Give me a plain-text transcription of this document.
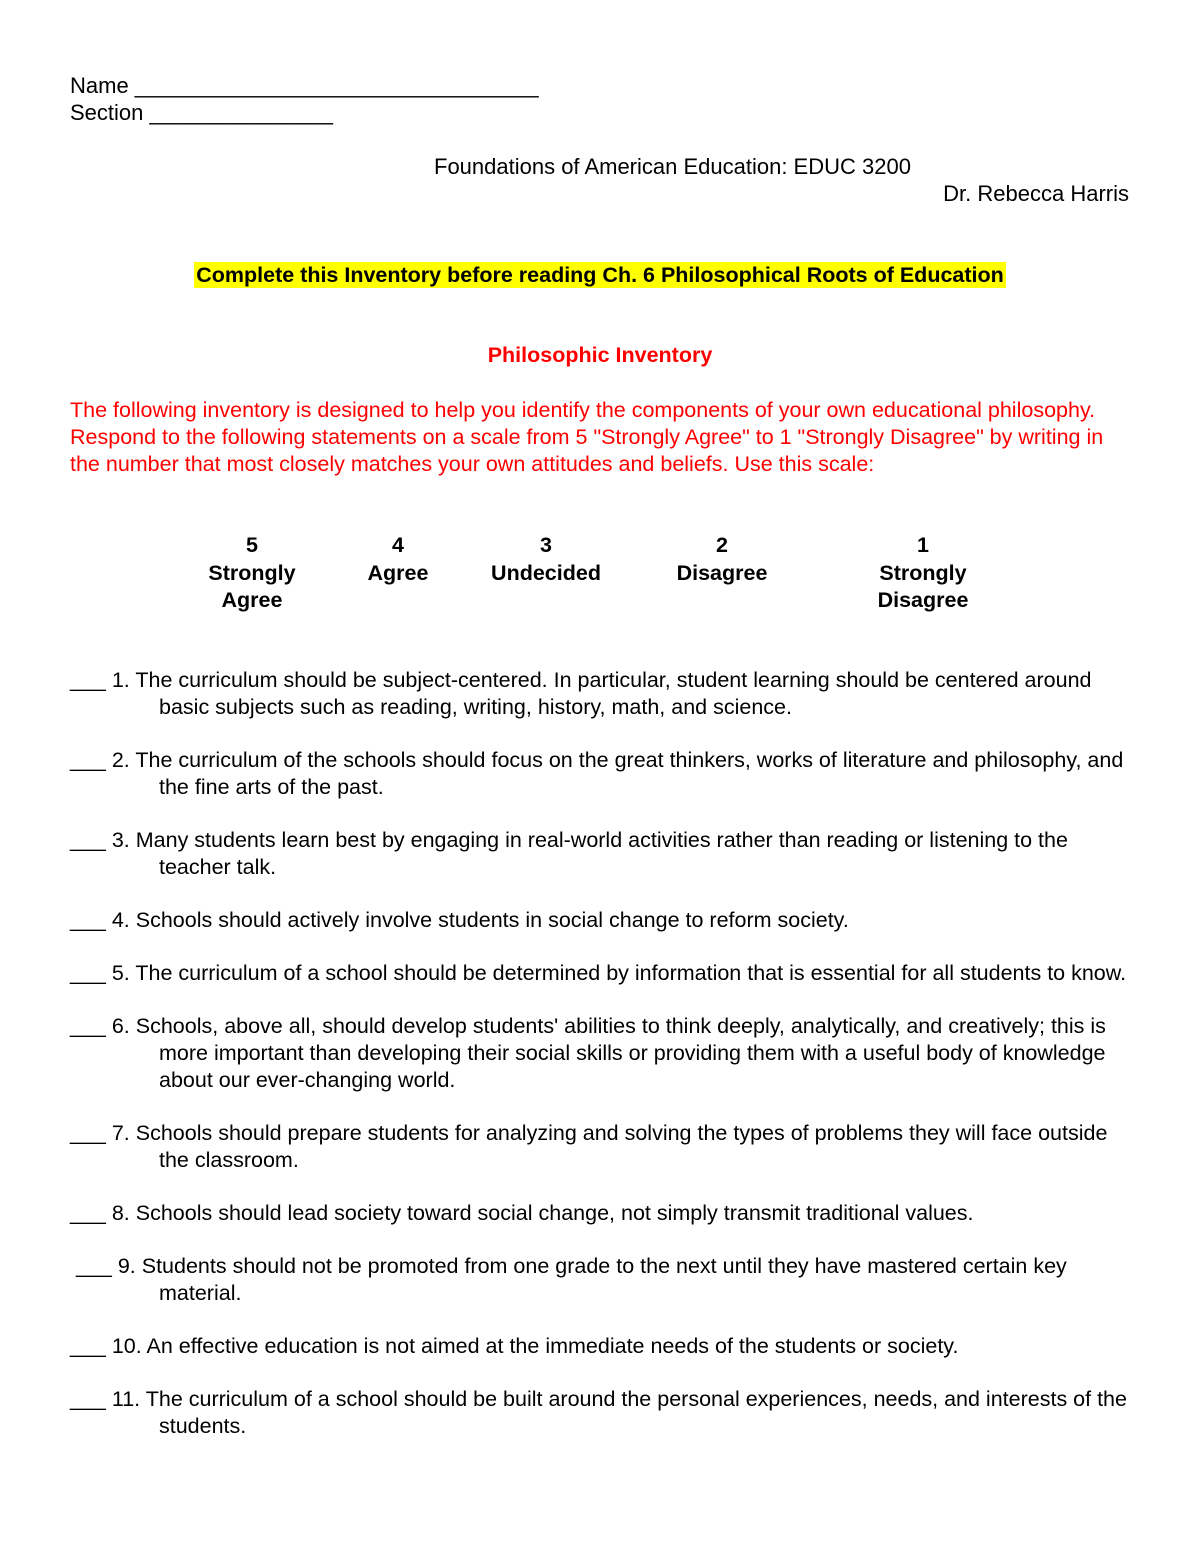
Name _________________________________
Section _______________
Foundations of American Education: EDUC 3200
Dr. Rebecca Harris
Complete this Inventory before reading Ch. 6 Philosophical Roots of Education
Philosophic Inventory
The following inventory is designed to help you identify the components of your own educational philosophy. Respond to the following statements on a scale from 5 "Strongly Agree" to 1 "Strongly Disagree" by writing in the number that most closely matches your own attitudes and beliefs. Use this scale:
5
Strongly
Agree
4
Agree
3
Undecided
2
Disagree
1
Strongly
Disagree
___ 1. The curriculum should be subject-centered. In particular, student learning should be centered around basic subjects such as reading, writing, history, math, and science.
___ 2. The curriculum of the schools should focus on the great thinkers, works of literature and philosophy, and the fine arts of the past.
___ 3. Many students learn best by engaging in real-world activities rather than reading or listening to the teacher talk.
___ 4. Schools should actively involve students in social change to reform society.
___ 5. The curriculum of a school should be determined by information that is essential for all students to know.
___ 6. Schools, above all, should develop students' abilities to think deeply, analytically, and creatively; this is more important than developing their social skills or providing them with a useful body of knowledge about our ever-changing world.
___ 7. Schools should prepare students for analyzing and solving the types of problems they will face outside the classroom.
___ 8. Schools should lead society toward social change, not simply transmit traditional values.
___ 9. Students should not be promoted from one grade to the next until they have mastered certain key material.
___ 10. An effective education is not aimed at the immediate needs of the students or society.
___ 11. The curriculum of a school should be built around the personal experiences, needs, and interests of the students.
